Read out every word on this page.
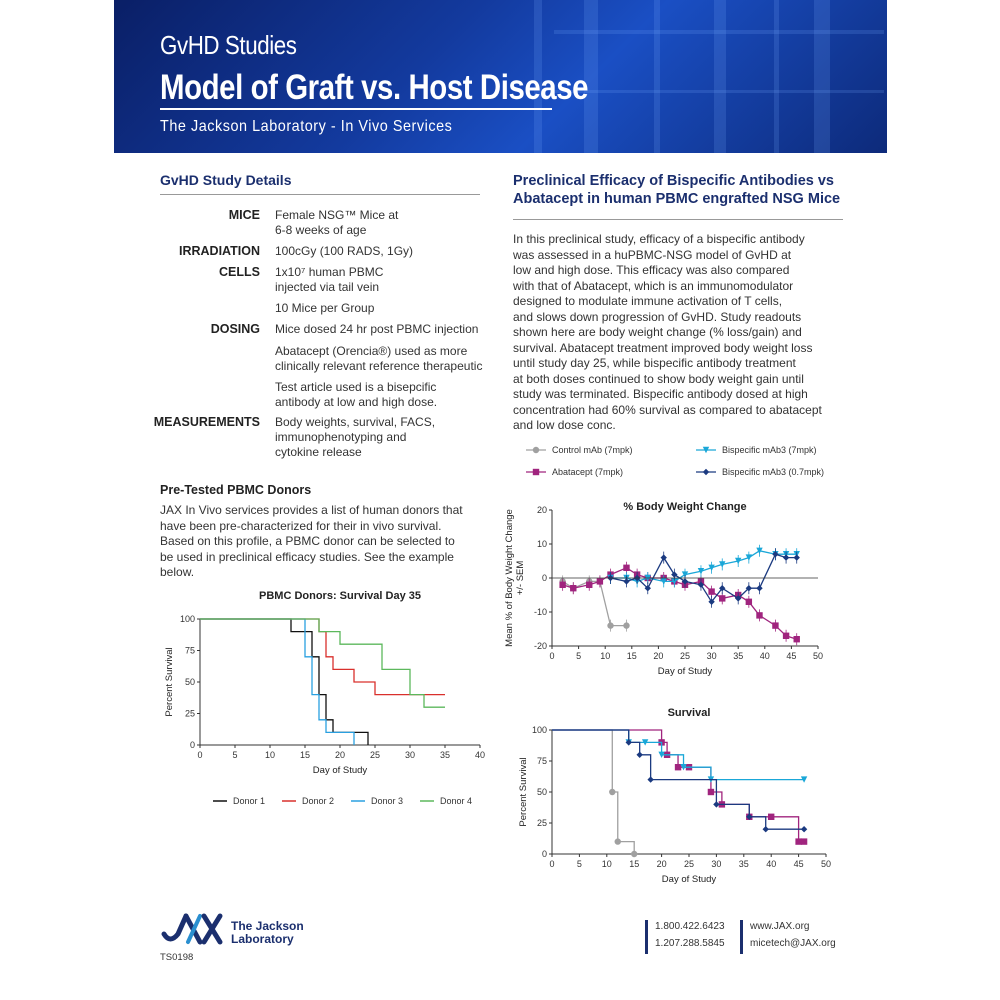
GvHD Studies
Model of Graft vs. Host Disease
The Jackson Laboratory - In Vivo Services
GvHD Study Details
MICE Female NSG™ Mice at
6-8 weeks of age
IRRADIATION 100cGy (100 RADS, 1Gy)
CELLS 1x10⁷ human PBMC
injected via tail vein
10 Mice per Group
DOSING Mice dosed 24 hr post PBMC injection
Abatacept (Orencia®) used as more
clinically relevant reference therapeutic
Test article used is a bisepcific
antibody at low and high dose.
MEASUREMENTS Body weights, survival, FACS,
immunophenotyping and
cytokine release
Pre-Tested PBMC Donors
JAX In Vivo services provides a list of human donors that
have been pre-characterized for their in vivo survival.
Based on this profile, a PBMC donor can be selected to
be used in preclinical efficacy studies. See the example
below.
PBMC Donors: Survival Day 35
0	5	10	15	20	25	30	35	40
0
25
50
75
100
Day of Study
Percent Survival
Donor 1	Donor 2	Donor 3	Donor 4
Preclinical Efficacy of Bispecific Antibodies vs
Abatacept in human PBMC engrafted NSG Mice
In this preclinical study, efficacy of a bispecific antibody
was assessed in a huPBMC-NSG model of GvHD at
low and high dose. This efficacy was also compared
with that of Abatacept, which is an immunomodulator
designed to modulate immune activation of T cells,
and slows down progression of GvHD. Study readouts
shown here are body weight change (% loss/gain) and
survival. Abatacept treatment improved body weight loss
until study day 25, while bispecific antibody treatment
at both doses continued to show body weight gain until
study was terminated. Bispecific antibody dosed at high
concentration had 60% survival as compared to abatacept
and low dose conc.
Control mAb (7mpk)	Bispecific mAb3 (7mpk)
Abatacept (7mpk)	Bispecific mAb3 (0.7mpk)
% Body Weight Change
0 5 10 15 20 25 30 35 40 45 50
-20
-10
0
10
20
Day of Study
Mean % of Body Weight Change +/- SEM
Survival
0 5 10 15 20 25 30 35 40 45 50
0
25
50
75
100
Day of Study
Percent Survival
The Jackson
Laboratory
TS0198
1.800.422.6423
1.207.288.5845
www.JAX.org
micetech@JAX.org
